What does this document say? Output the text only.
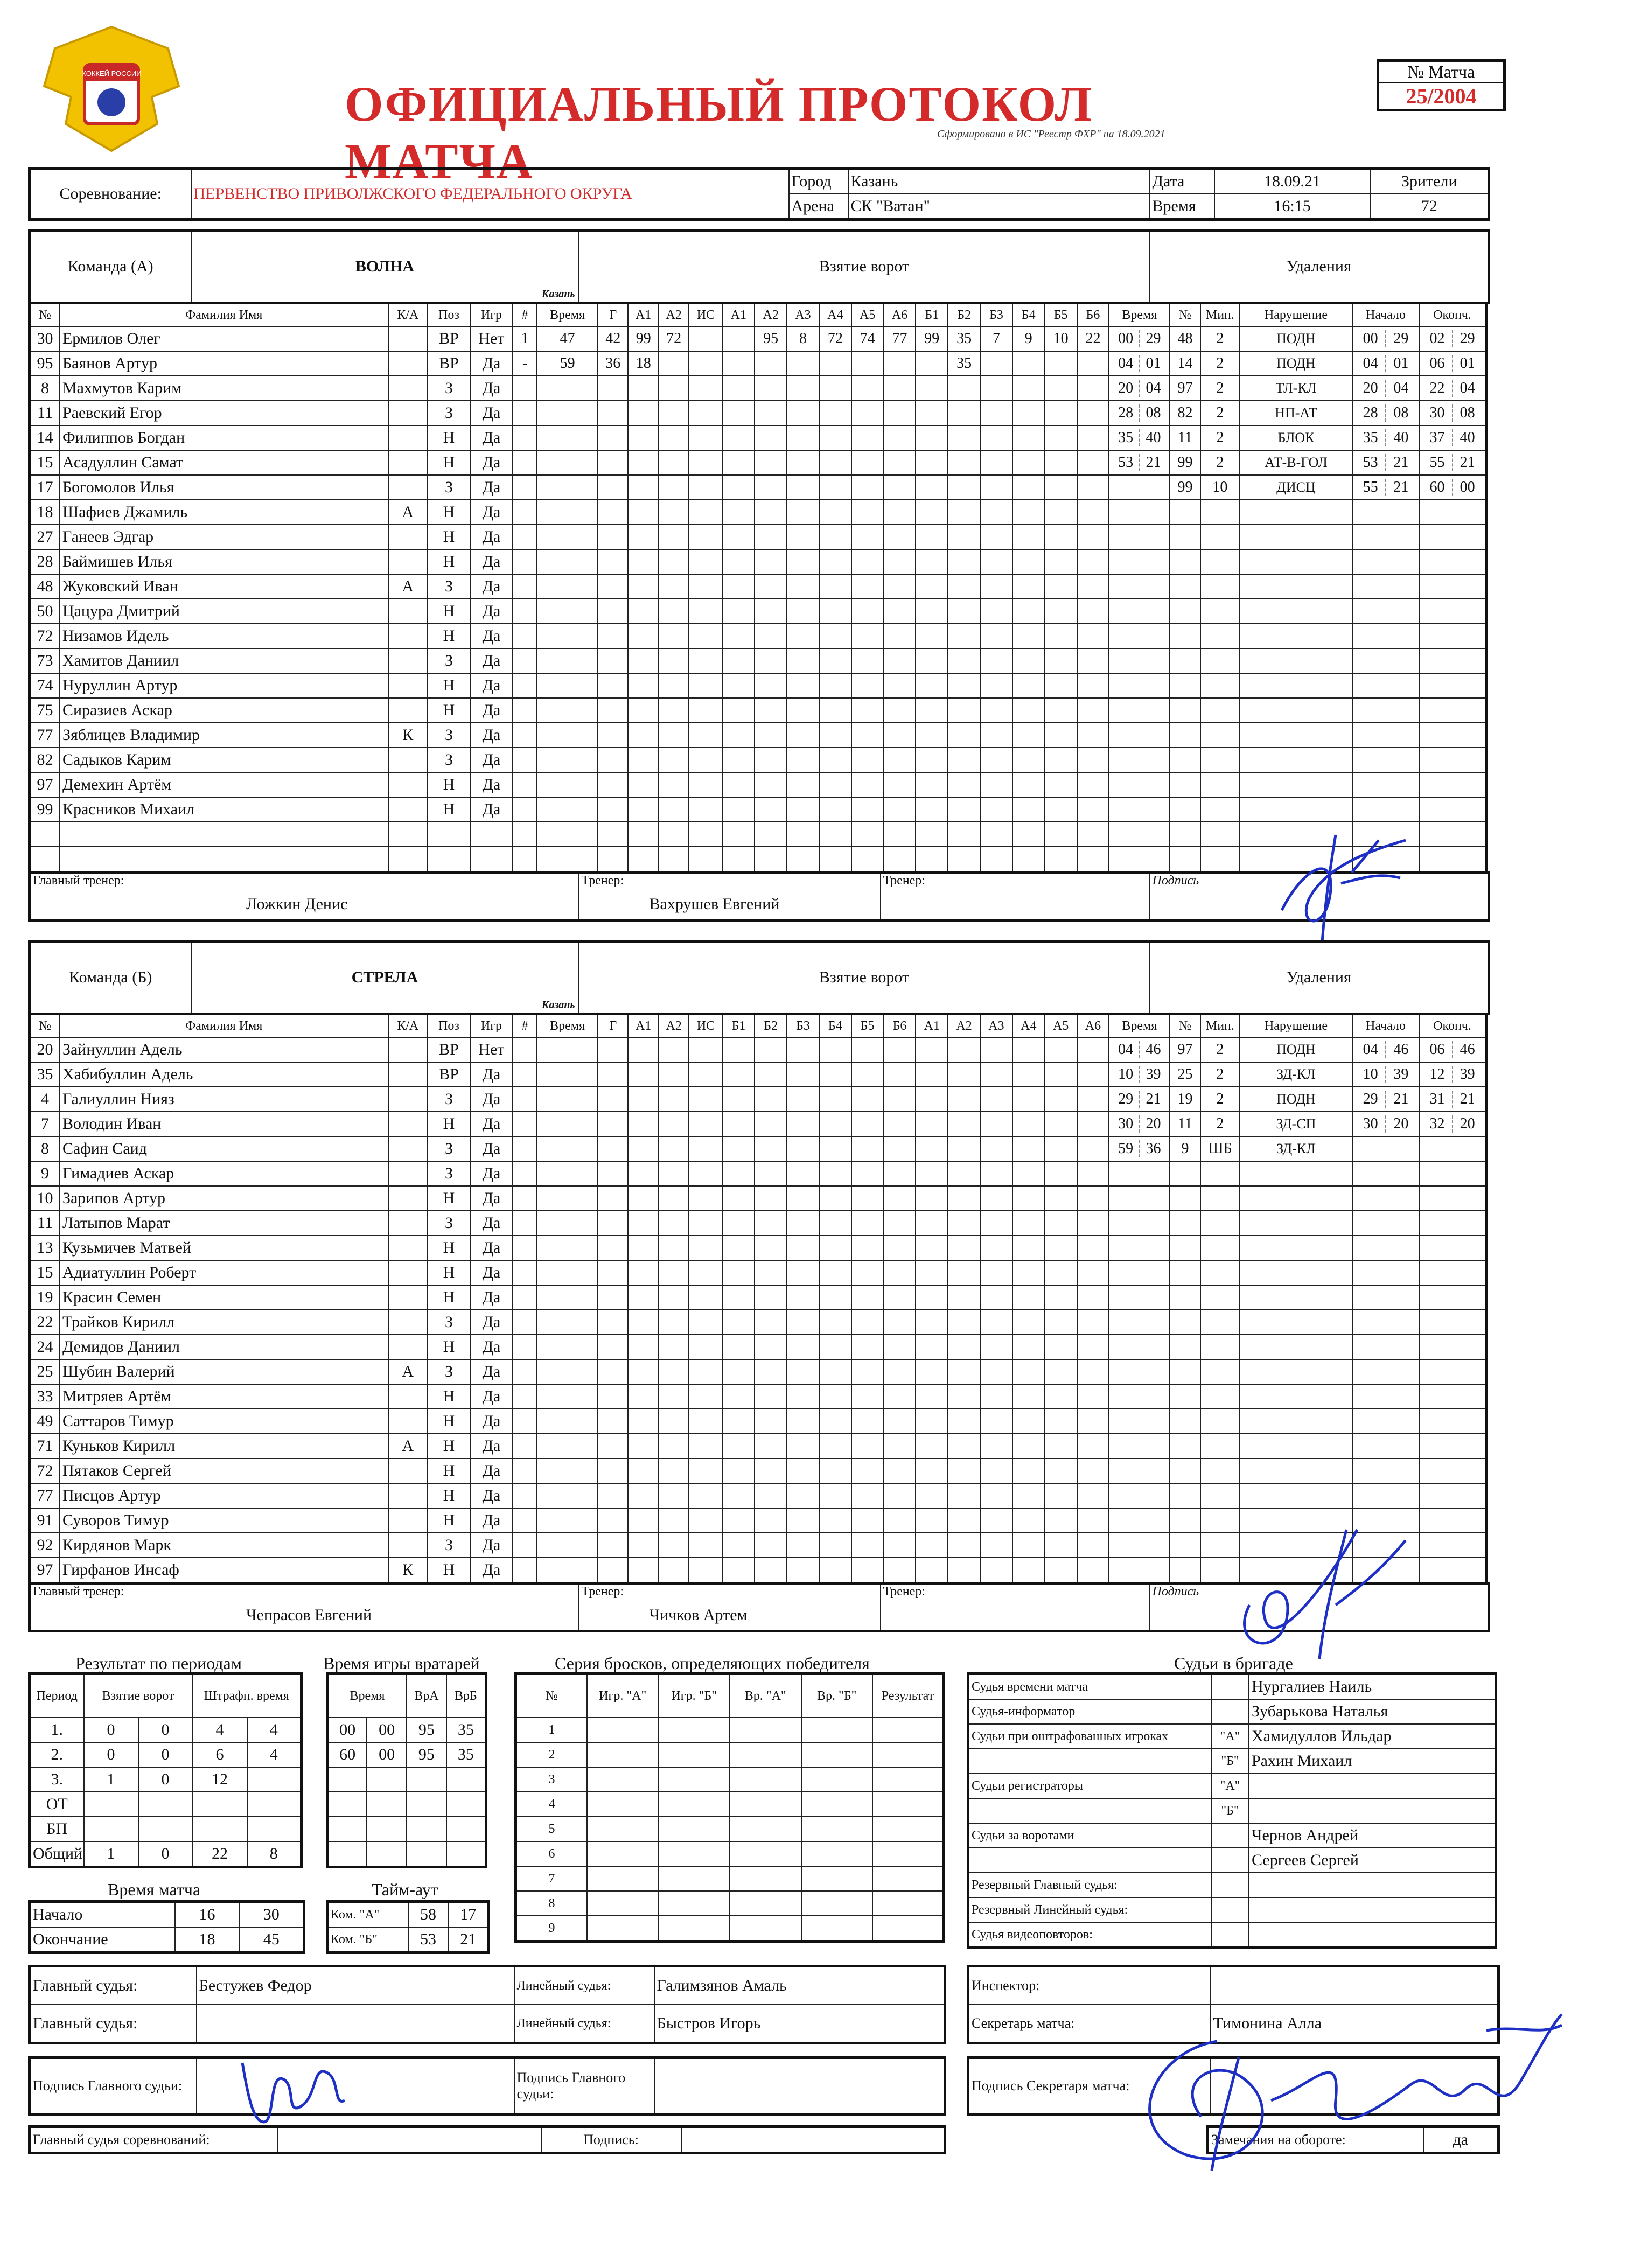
ХОККЕЙ РОССИИ
ОФИЦИАЛЬНЫЙ ПРОТОКОЛ МАТЧА	Сформировано в ИС "Реестр ФХР" на 18.09.2021
№ Матча
25/2004
Соревнование:	ПЕРВЕНСТВО ПРИВОЛЖСКОГО ФЕДЕРАЛЬНОГО ОКРУГА	Город	Казань	Дата	18.09.21	Зрители
		Арена	СК "Ватан"	Время	16:15	72
Команда (А)	ВОЛНА
Казань
	Взятие ворот	Удаления
№	Фамилия Имя	К/А	Поз	Игр	#	Время	Г	А1	А2	ИС	А1	А2	А3	А4	А5	А6	Б1	Б2	Б3	Б4	Б5	Б6	Время	№	Мин.	Нарушение	Начало	Оконч.
30	Ермилов Олег		ВР	Нет	1	47	42	99	72			95	8	72	74	77	99	35	7	9	10	22	00 29	48	2	ПОДН	00 29	02 29
95	Баянов Артур		ВР	Да	-	59	36	18										35					04 01	14	2	ПОДН	04 01	06 01
8	Махмутов Карим		З	Да																			20 04	97	2	ТЛ-КЛ	20 04	22 04
11	Раевский Егор		З	Да																			28 08	82	2	НП-АТ	28 08	30 08
14	Филиппов Богдан		Н	Да																			35 40	11	2	БЛОК	35 40	37 40
15	Асадуллин Самат		Н	Да																			53 21	99	2	АТ-В-ГОЛ	53 21	55 21
17	Богомолов Илья		З	Да																				99	10	ДИСЦ	55 21	60 00
18	Шафиев Джамиль	А	Н	Да																								
27	Ганеев Эдгар		Н	Да																								
28	Баймишев Илья		Н	Да																								
48	Жуковский Иван	А	З	Да																								
50	Цацура Дмитрий		Н	Да																								
72	Низамов Идель		Н	Да																								
73	Хамитов Даниил		З	Да																								
74	Нуруллин Артур		Н	Да																								
75	Сиразиев Аскар		Н	Да																								
77	Зяблицев Владимир	К	З	Да																								
82	Садыков Карим		З	Да																								
97	Демехин Артём		Н	Да																								
99	Красников Михаил		Н	Да																								

Главный тренер:
Ложкин Денис
	Тренер:
Вахрушев Евгений
	Тренер:	Подпись
Команда (Б)	СТРЕЛА
Казань
	Взятие ворот	Удаления
№	Фамилия Имя	К/А	Поз	Игр	#	Время	Г	А1	А2	ИС	Б1	Б2	Б3	Б4	Б5	Б6	А1	А2	А3	А4	А5	А6	Время	№	Мин.	Нарушение	Начало	Оконч.
20	Зайнуллин Адель		ВР	Нет																			04 46	97	2	ПОДН	04 46	06 46
35	Хабибуллин Адель		ВР	Да																			10 39	25	2	ЗД-КЛ	10 39	12 39
4	Галиуллин Нияз		З	Да																			29 21	19	2	ПОДН	29 21	31 21
7	Володин Иван		Н	Да																			30 20	11	2	ЗД-СП	30 20	32 20
8	Сафин Саид		З	Да																			59 36	9	ШБ	ЗД-КЛ		
9	Гимадиев Аскар		З	Да																								
10	Зарипов Артур		Н	Да																								
11	Латыпов Марат		З	Да																								
13	Кузьмичев Матвей		Н	Да																								
15	Адиатуллин Роберт		Н	Да																								
19	Красин Семен		Н	Да																								
22	Трайков Кирилл		З	Да																								
24	Демидов Даниил		Н	Да																								
25	Шубин Валерий	А	З	Да																								
33	Митряев Артём		Н	Да																								
49	Саттаров Тимур		Н	Да																								
71	Куньков Кирилл	А	Н	Да																								
72	Пятаков Сергей		Н	Да																								
77	Писцов Артур		Н	Да																								
91	Суворов Тимур		Н	Да																								
92	Кирдянов Марк		З	Да																								
97	Гирфанов Инсаф	К	Н	Да																								
Главный тренер:
Чепрасов Евгений
	Тренер:
Чичков Артем
	Тренер:	Подпись
Результат по периодам	Время игры вратарей	Серия бросков, определяющих победителя	Судьи в бригаде
Период	Взятие ворот		Штрафн. время	
1.	0	0	4	4
2.	0	0	6	4
3.	1	0	12	
ОТ				
БП				
Общий	1	0	22	8
Время		ВрА	ВрБ
00	00	95	35
60	00	95	35

Время матча
Начало	16	30
Окончание	18	45
Тайм-аут
Ком. "А"	58	17
Ком. "Б"	53	21
№	Игр. "А"	Игр. "Б"	Вр. "А"	Вр. "Б"	Результат
1					
2					
3					
4					
5					
6					
7					
8					
9					
Судья времени матча		Нургалиев Наиль
Судья-информатор		Зубарькова Наталья
Судьи при оштрафованных игроках	"А"	Хамидуллов Ильдар
	"Б"	Рахин Михаил
Судьи регистраторы	"А"	
	"Б"	
Судьи за воротами		Чернов Андрей
		Сергеев Сергей
Резервный Главный судья:		
Резервный Линейный судья:		
Судья видеоповторов:		
Главный судья:	Бестужев Федор	Линейный судья:	Галимзянов Амаль
Главный судья:		Линейный судья:	Быстров Игорь
Подпись Главного судьи:		Подпись Главного судьи:	
Главный судья соревнований:		Подпись:	
Инспектор:	
Секретарь матча:	Тимонина Алла
Подпись Секретаря матча:	
Замечания на обороте:	да
